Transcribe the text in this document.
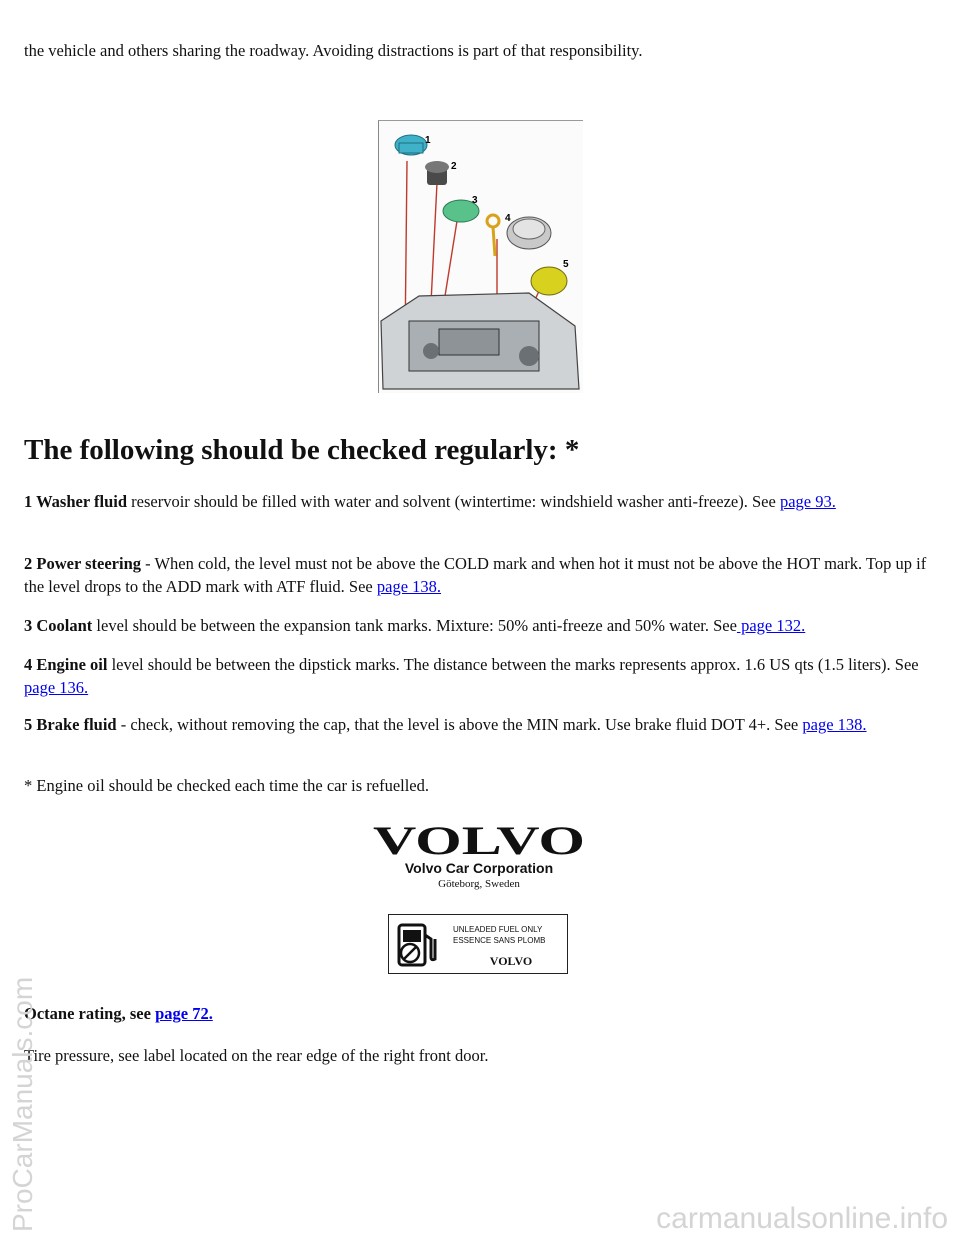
the vehicle and others sharing the roadway. Avoiding distractions is part of that responsibility.

1
2
3
4
5
The following should be checked regularly: *

1 Washer fluid reservoir should be filled with water and solvent (wintertime: windshield washer anti-freeze). See page 93.

2 Power steering - When cold, the level must not be above the COLD mark and when hot it must not be above the HOT mark. Top up if the level drops to the ADD mark with ATF fluid. See page 138.

3 Coolant level should be between the expansion tank marks. Mixture: 50% anti-freeze and 50% water. See page 132.

4 Engine oil level should be between the dipstick marks. The distance between the marks represents approx. 1.6 US qts (1.5 liters). See page 136.

5 Brake fluid - check, without removing the cap, that the level is above the MIN mark. Use brake fluid DOT 4+. See page 138.

* Engine oil should be checked each time the car is refuelled.

VOLVO
Volvo Car Corporation
Göteborg, Sweden
UNLEADED FUEL ONLY
ESSENCE SANS PLOMB
VOLVO

Octane rating, see page 72.

Tire pressure, see label located on the rear edge of the right front door.

ProCarManuals.com	carmanualsonline.info
